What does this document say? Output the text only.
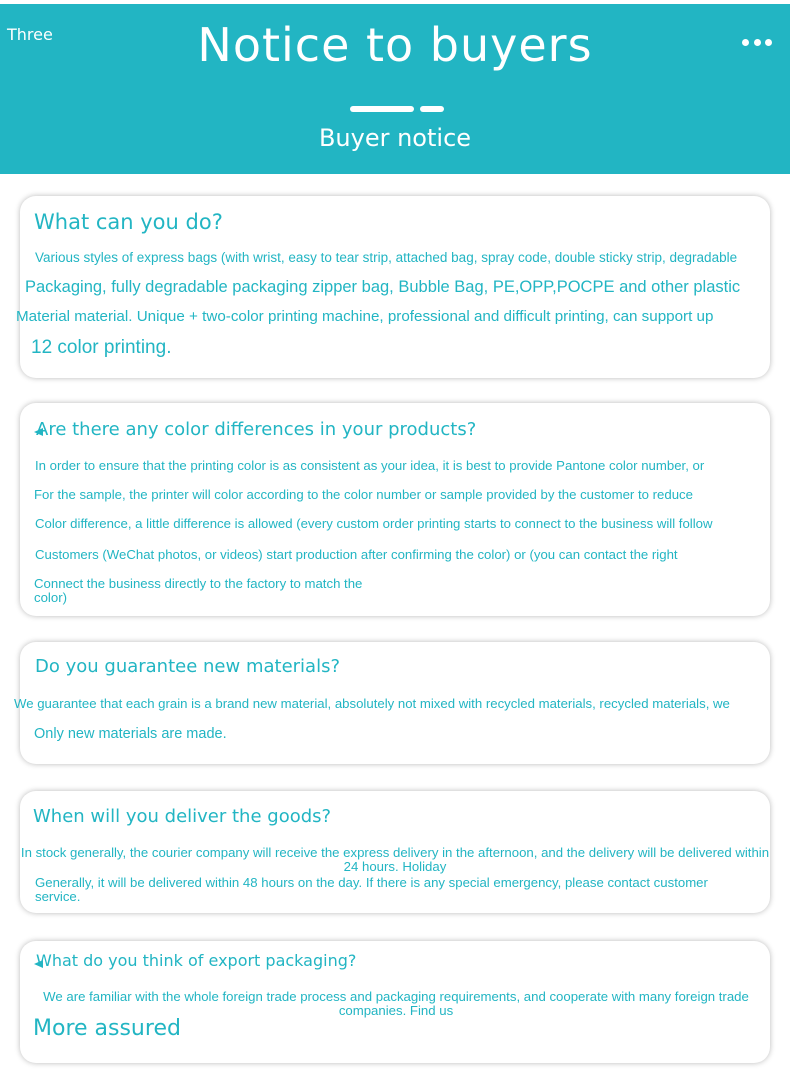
Three	Notice to buyers
Buyer notice
What can you do?
Various styles of express bags (with wrist, easy to tear strip, attached bag, spray code, double sticky strip, degradable
Packaging, fully degradable packaging zipper bag, Bubble Bag, PE,OPP,POCPE and other plastic
Material material. Unique + two-color printing machine, professional and difficult printing, can support up
12 color printing.
Are there any color differences in your products?
In order to ensure that the printing color is as consistent as your idea, it is best to provide Pantone color number, or
For the sample, the printer will color according to the color number or sample provided by the customer to reduce
Color difference, a little difference is allowed (every custom order printing starts to connect to the business will follow
Customers (WeChat photos, or videos) start production after confirming the color) or (you can contact the right
Connect the business directly to the factory to match the color)
Do you guarantee new materials?
We guarantee that each grain is a brand new material, absolutely not mixed with recycled materials, recycled materials, we
Only new materials are made.
When will you deliver the goods?
In stock generally, the courier company will receive the express delivery in the afternoon, and the delivery will be delivered within 24 hours. Holiday
Generally, it will be delivered within 48 hours on the day. If there is any special emergency, please contact customer service.
What do you think of export packaging?
We are familiar with the whole foreign trade process and packaging requirements, and cooperate with many foreign trade companies. Find us
More assured
